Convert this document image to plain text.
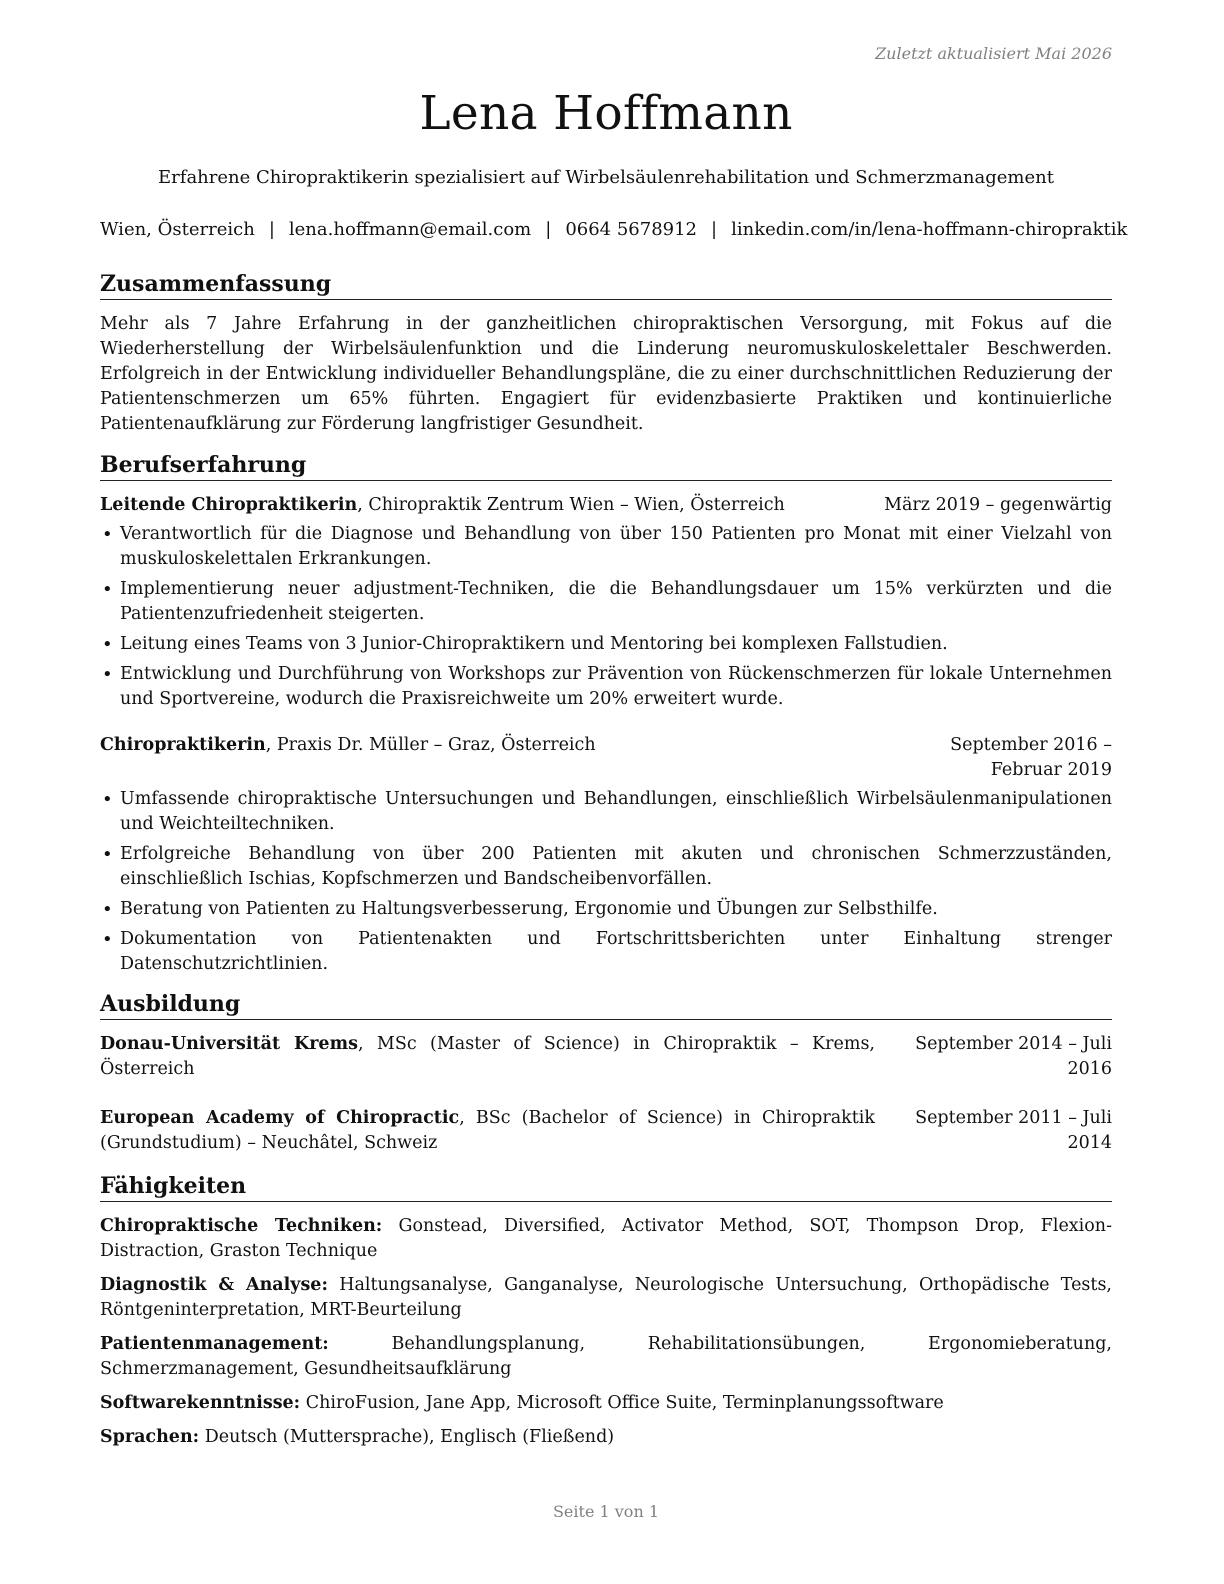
Zuletzt aktualisiert Mai 2026
Lena Hoffmann
Erfahrene Chiropraktikerin spezialisiert auf Wirbelsäulenrehabilitation und Schmerzmanagement
Wien, Österreich | lena.hoffmann@email.com | 0664 5678912 | linkedin.com/in/lena-hoffmann-chiropraktik
Zusammenfassung

Mehr als 7 Jahre Erfahrung in der ganzheitlichen chiropraktischen Versorgung, mit Fokus auf die Wiederherstellung der Wirbelsäulenfunktion und die Linderung neuromuskuloskelettaler Beschwerden. Erfolgreich in der Entwicklung individueller Behandlungspläne, die zu einer durchschnittlichen Reduzierung der Patientenschmerzen um 65% führten. Engagiert für evidenzbasierte Praktiken und kontinuierliche Patientenaufklärung zur Förderung langfristiger Gesundheit.

Berufserfahrung
Leitende Chiropraktikerin, Chiropraktik Zentrum Wien – Wien, Österreich	März 2019 – gegenwärtig
• Verantwortlich für die Diagnose und Behandlung von über 150 Patienten pro Monat mit einer Vielzahl von muskuloskelettalen Erkrankungen.
• Implementierung neuer adjustment-Techniken, die die Behandlungsdauer um 15% verkürzten und die Patientenzufriedenheit steigerten.
• Leitung eines Teams von 3 Junior-Chiropraktikern und Mentoring bei komplexen Fallstudien.
• Entwicklung und Durchführung von Workshops zur Prävention von Rückenschmerzen für lokale Unternehmen und Sportvereine, wodurch die Praxisreichweite um 20% erweitert wurde.
Chiropraktikerin, Praxis Dr. Müller – Graz, Österreich	September 2016 – Februar 2019
• Umfassende chiropraktische Untersuchungen und Behandlungen, einschließlich Wirbelsäulenmanipulationen und Weichteiltechniken.
• Erfolgreiche Behandlung von über 200 Patienten mit akuten und chronischen Schmerzzuständen, einschließlich Ischias, Kopfschmerzen und Bandscheibenvorfällen.
• Beratung von Patienten zu Haltungsverbesserung, Ergonomie und Übungen zur Selbsthilfe.
• Dokumentation von Patientenakten und Fortschrittsberichten unter Einhaltung strenger Datenschutzrichtlinien.
Ausbildung
Donau-Universität Krems, MSc (Master of Science) in Chiropraktik – Krems, Österreich
September 2014 – Juli 2016
European Academy of Chiropractic, BSc (Bachelor of Science) in Chiropraktik (Grundstudium) – Neuchâtel, Schweiz
September 2011 – Juli 2014
Fähigkeiten
Chiropraktische Techniken: Gonstead, Diversified, Activator Method, SOT, Thompson Drop, Flexion-Distraction, Graston Technique
Diagnostik & Analyse: Haltungsanalyse, Ganganalyse, Neurologische Untersuchung, Orthopädische Tests, Röntgeninterpretation, MRT-Beurteilung
Patientenmanagement: Behandlungsplanung, Rehabilitationsübungen, Ergonomieberatung, Schmerzmanagement, Gesundheitsaufklärung
Softwarekenntnisse: ChiroFusion, Jane App, Microsoft Office Suite, Terminplanungssoftware
Sprachen: Deutsch (Muttersprache), Englisch (Fließend)
Seite 1 von 1
